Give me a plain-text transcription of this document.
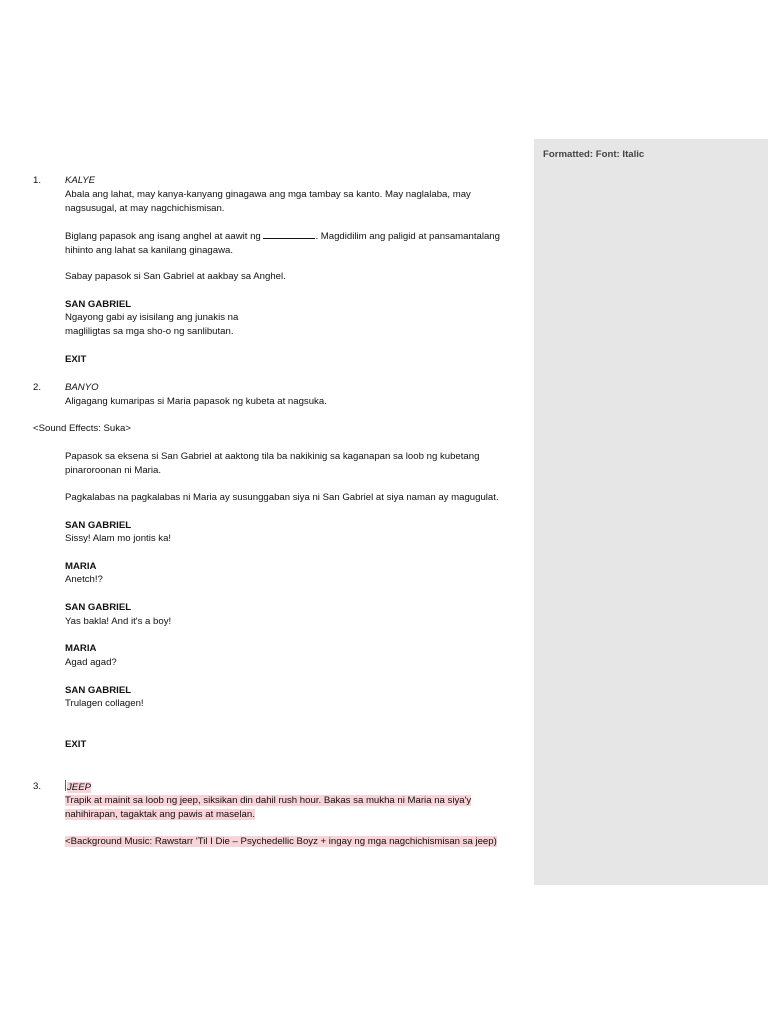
1. KALYE
Abala ang lahat, may kanya-kanyang ginagawa ang mga tambay sa kanto. May naglalaba, may
nagsusugal, at may nagchichismisan.
Biglang papasok ang isang anghel at aawit ng	. Magdidilim ang paligid at pansamantalang
hihinto ang lahat sa kanilang ginagawa.
Sabay papasok si San Gabriel at aakbay sa Anghel.
SAN GABRIEL
Ngayong gabi ay isisilang ang junakis na
magliligtas sa mga sho-o ng sanlibutan.
EXIT
2. BANYO
Aligagang kumaripas si Maria papasok ng kubeta at nagsuka.
<Sound Effects: Suka>
Papasok sa eksena si San Gabriel at aaktong tila ba nakikinig sa kaganapan sa loob ng kubetang
pinaroroonan ni Maria.
Pagkalabas na pagkalabas ni Maria ay susunggaban siya ni San Gabriel at siya naman ay magugulat.
SAN GABRIEL
Sissy! Alam mo jontis ka!
MARIA
Anetch!?
SAN GABRIEL
Yas bakla! And it's a boy!
MARIA
Agad agad?
SAN GABRIEL
Trulagen collagen!
EXIT
3.	JEEP
Trapik at mainit sa loob ng jeep, siksikan din dahil rush hour. Bakas sa mukha ni Maria na siya'y
nahihirapan, tagaktak ang pawis at maselan.
<Background Music: Rawstarr 'Til I Die – Psychedellic Boyz + ingay ng mga nagchichismisan sa jeep)
Formatted: Font: Italic
